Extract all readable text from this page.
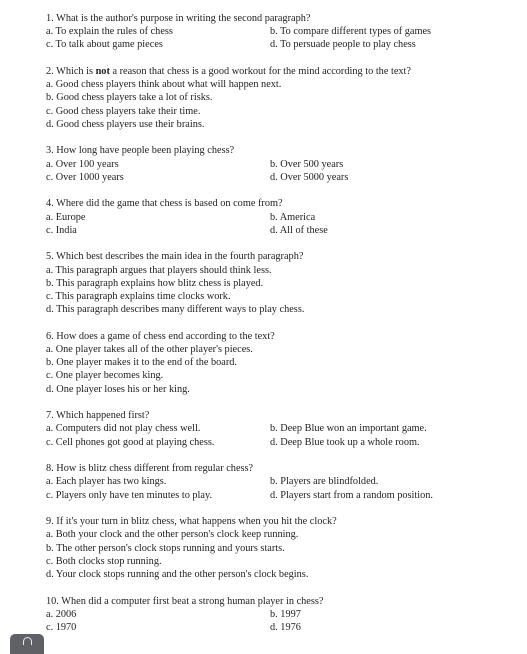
1. What is the author's purpose in writing the second paragraph?
a. To explain the rules of chess	b. To compare different types of games
c. To talk about game pieces	d. To persuade people to play chess
2. Which is not a reason that chess is a good workout for the mind according to the text?
a. Good chess players think about what will happen next.
b. Good chess players take a lot of risks.
c. Good chess players take their time.
d. Good chess players use their brains.
3. How long have people been playing chess?
a. Over 100 years	b. Over 500 years
c. Over 1000 years	d. Over 5000 years
4. Where did the game that chess is based on come from?
a. Europe	b. America
c. India	d. All of these
5. Which best describes the main idea in the fourth paragraph?
a. This paragraph argues that players should think less.
b. This paragraph explains how blitz chess is played.
c. This paragraph explains time clocks work.
d. This paragraph describes many different ways to play chess.
6. How does a game of chess end according to the text?
a. One player takes all of the other player's pieces.
b. One player makes it to the end of the board.
c. One player becomes king.
d. One player loses his or her king.
7. Which happened first?
a. Computers did not play chess well.	b. Deep Blue won an important game.
c. Cell phones got good at playing chess.	d. Deep Blue took up a whole room.
8. How is blitz chess different from regular chess?
a. Each player has two kings.	b. Players are blindfolded.
c. Players only have ten minutes to play.	d. Players start from a random position.
9. If it's your turn in blitz chess, what happens when you hit the clock?
a. Both your clock and the other person's clock keep running.
b. The other person's clock stops running and yours starts.
c. Both clocks stop running.
d. Your clock stops running and the other person's clock begins.
10. When did a computer first beat a strong human player in chess?
a. 2006	b. 1997
c. 1970	d. 1976
